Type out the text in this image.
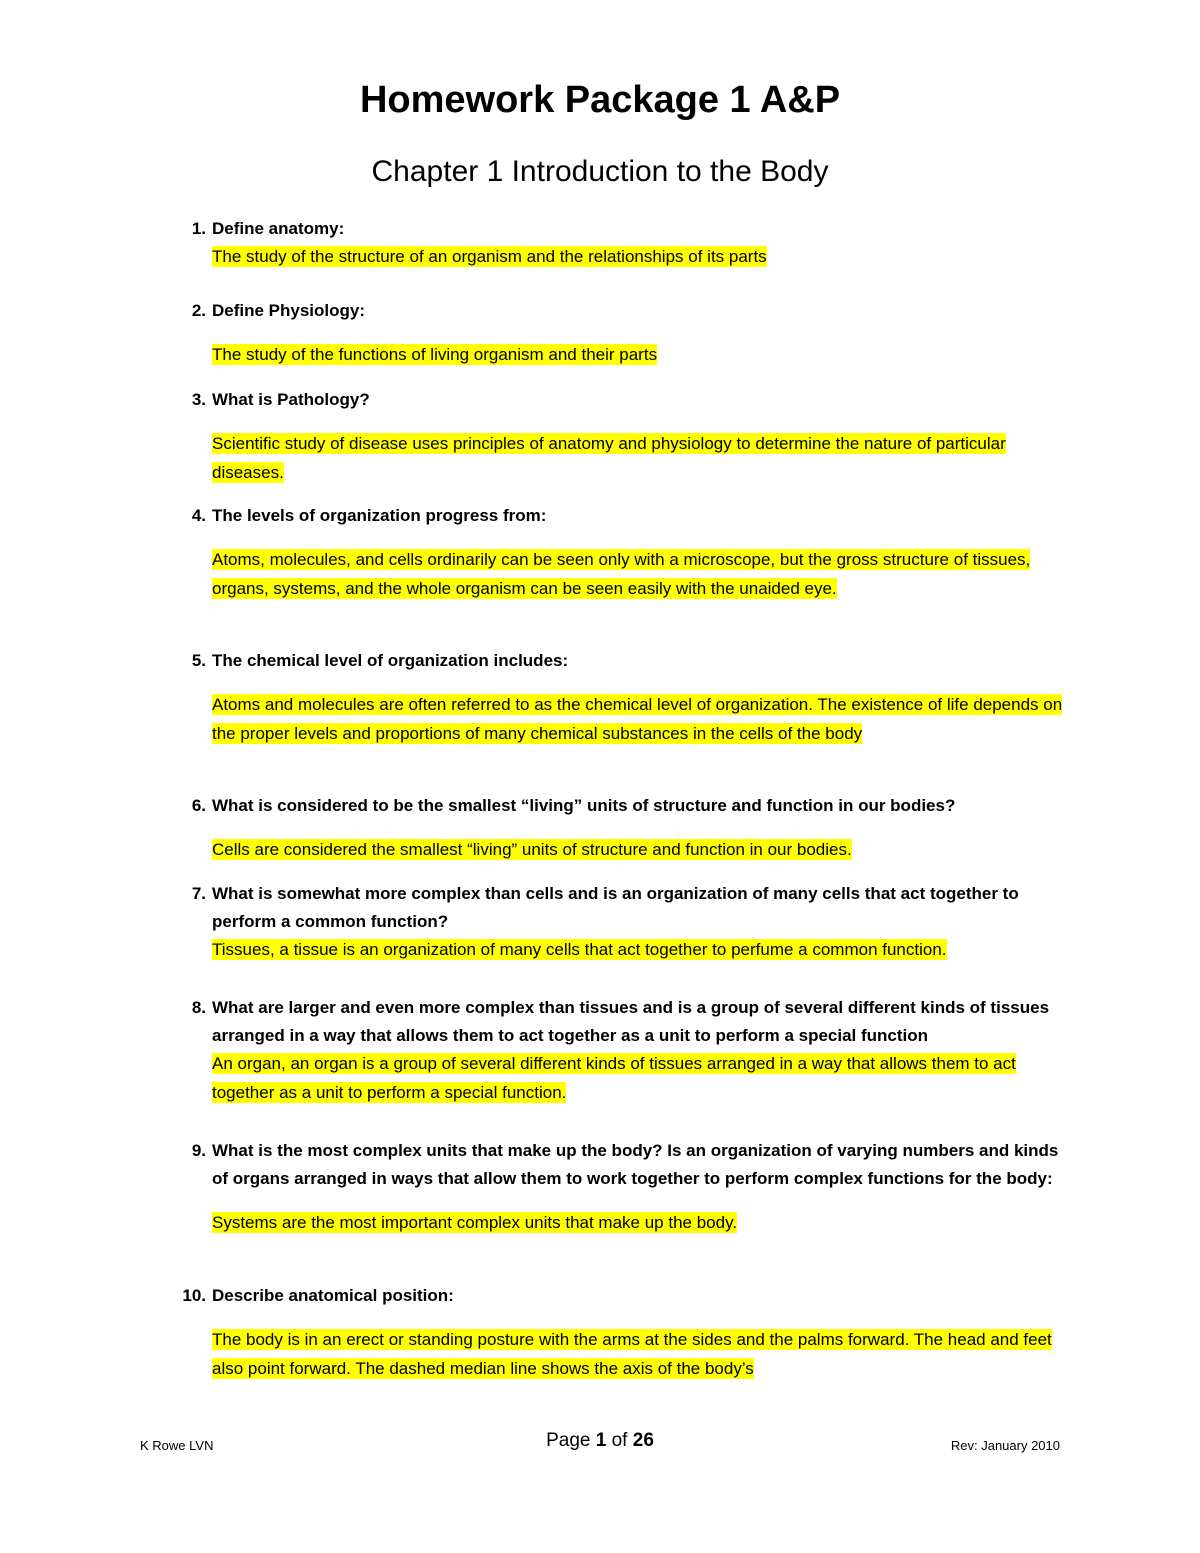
Homework Package 1 A&P
Chapter 1 Introduction to the Body
1. Define anatomy:

The study of the structure of an organism and the relationships of its parts

2. Define Physiology:

The study of the functions of living organism and their parts

3. What is Pathology?

Scientific study of disease uses principles of anatomy and physiology to determine the nature of particular diseases.

4. The levels of organization progress from:

Atoms, molecules, and cells ordinarily can be seen only with a microscope, but the gross structure of tissues, organs, systems, and the whole organism can be seen easily with the unaided eye.

5. The chemical level of organization includes:

Atoms and molecules are often referred to as the chemical level of organization. The existence of life depends on the proper levels and proportions of many chemical substances in the cells of the body

6. What is considered to be the smallest “living” units of structure and function in our bodies?

Cells are considered the smallest “living” units of structure and function in our bodies.

7. What is somewhat more complex than cells and is an organization of many cells that act together to perform a common function?

Tissues, a tissue is an organization of many cells that act together to perfume a common function.

8. What are larger and even more complex than tissues and is a group of several different kinds of tissues arranged in a way that allows them to act together as a unit to perform a special function

An organ, an organ is a group of several different kinds of tissues arranged in a way that allows them to act together as a unit to perform a special function.

9. What is the most complex units that make up the body? Is an organization of varying numbers and kinds of organs arranged in ways that allow them to work together to perform complex functions for the body:

Systems are the most important complex units that make up the body.

10. Describe anatomical position:

The body is in an erect or standing posture with the arms at the sides and the palms forward. The head and feet also point forward. The dashed median line shows the axis of the body’s

K Rowe LVN	Page 1 of 26	Rev: January 2010
